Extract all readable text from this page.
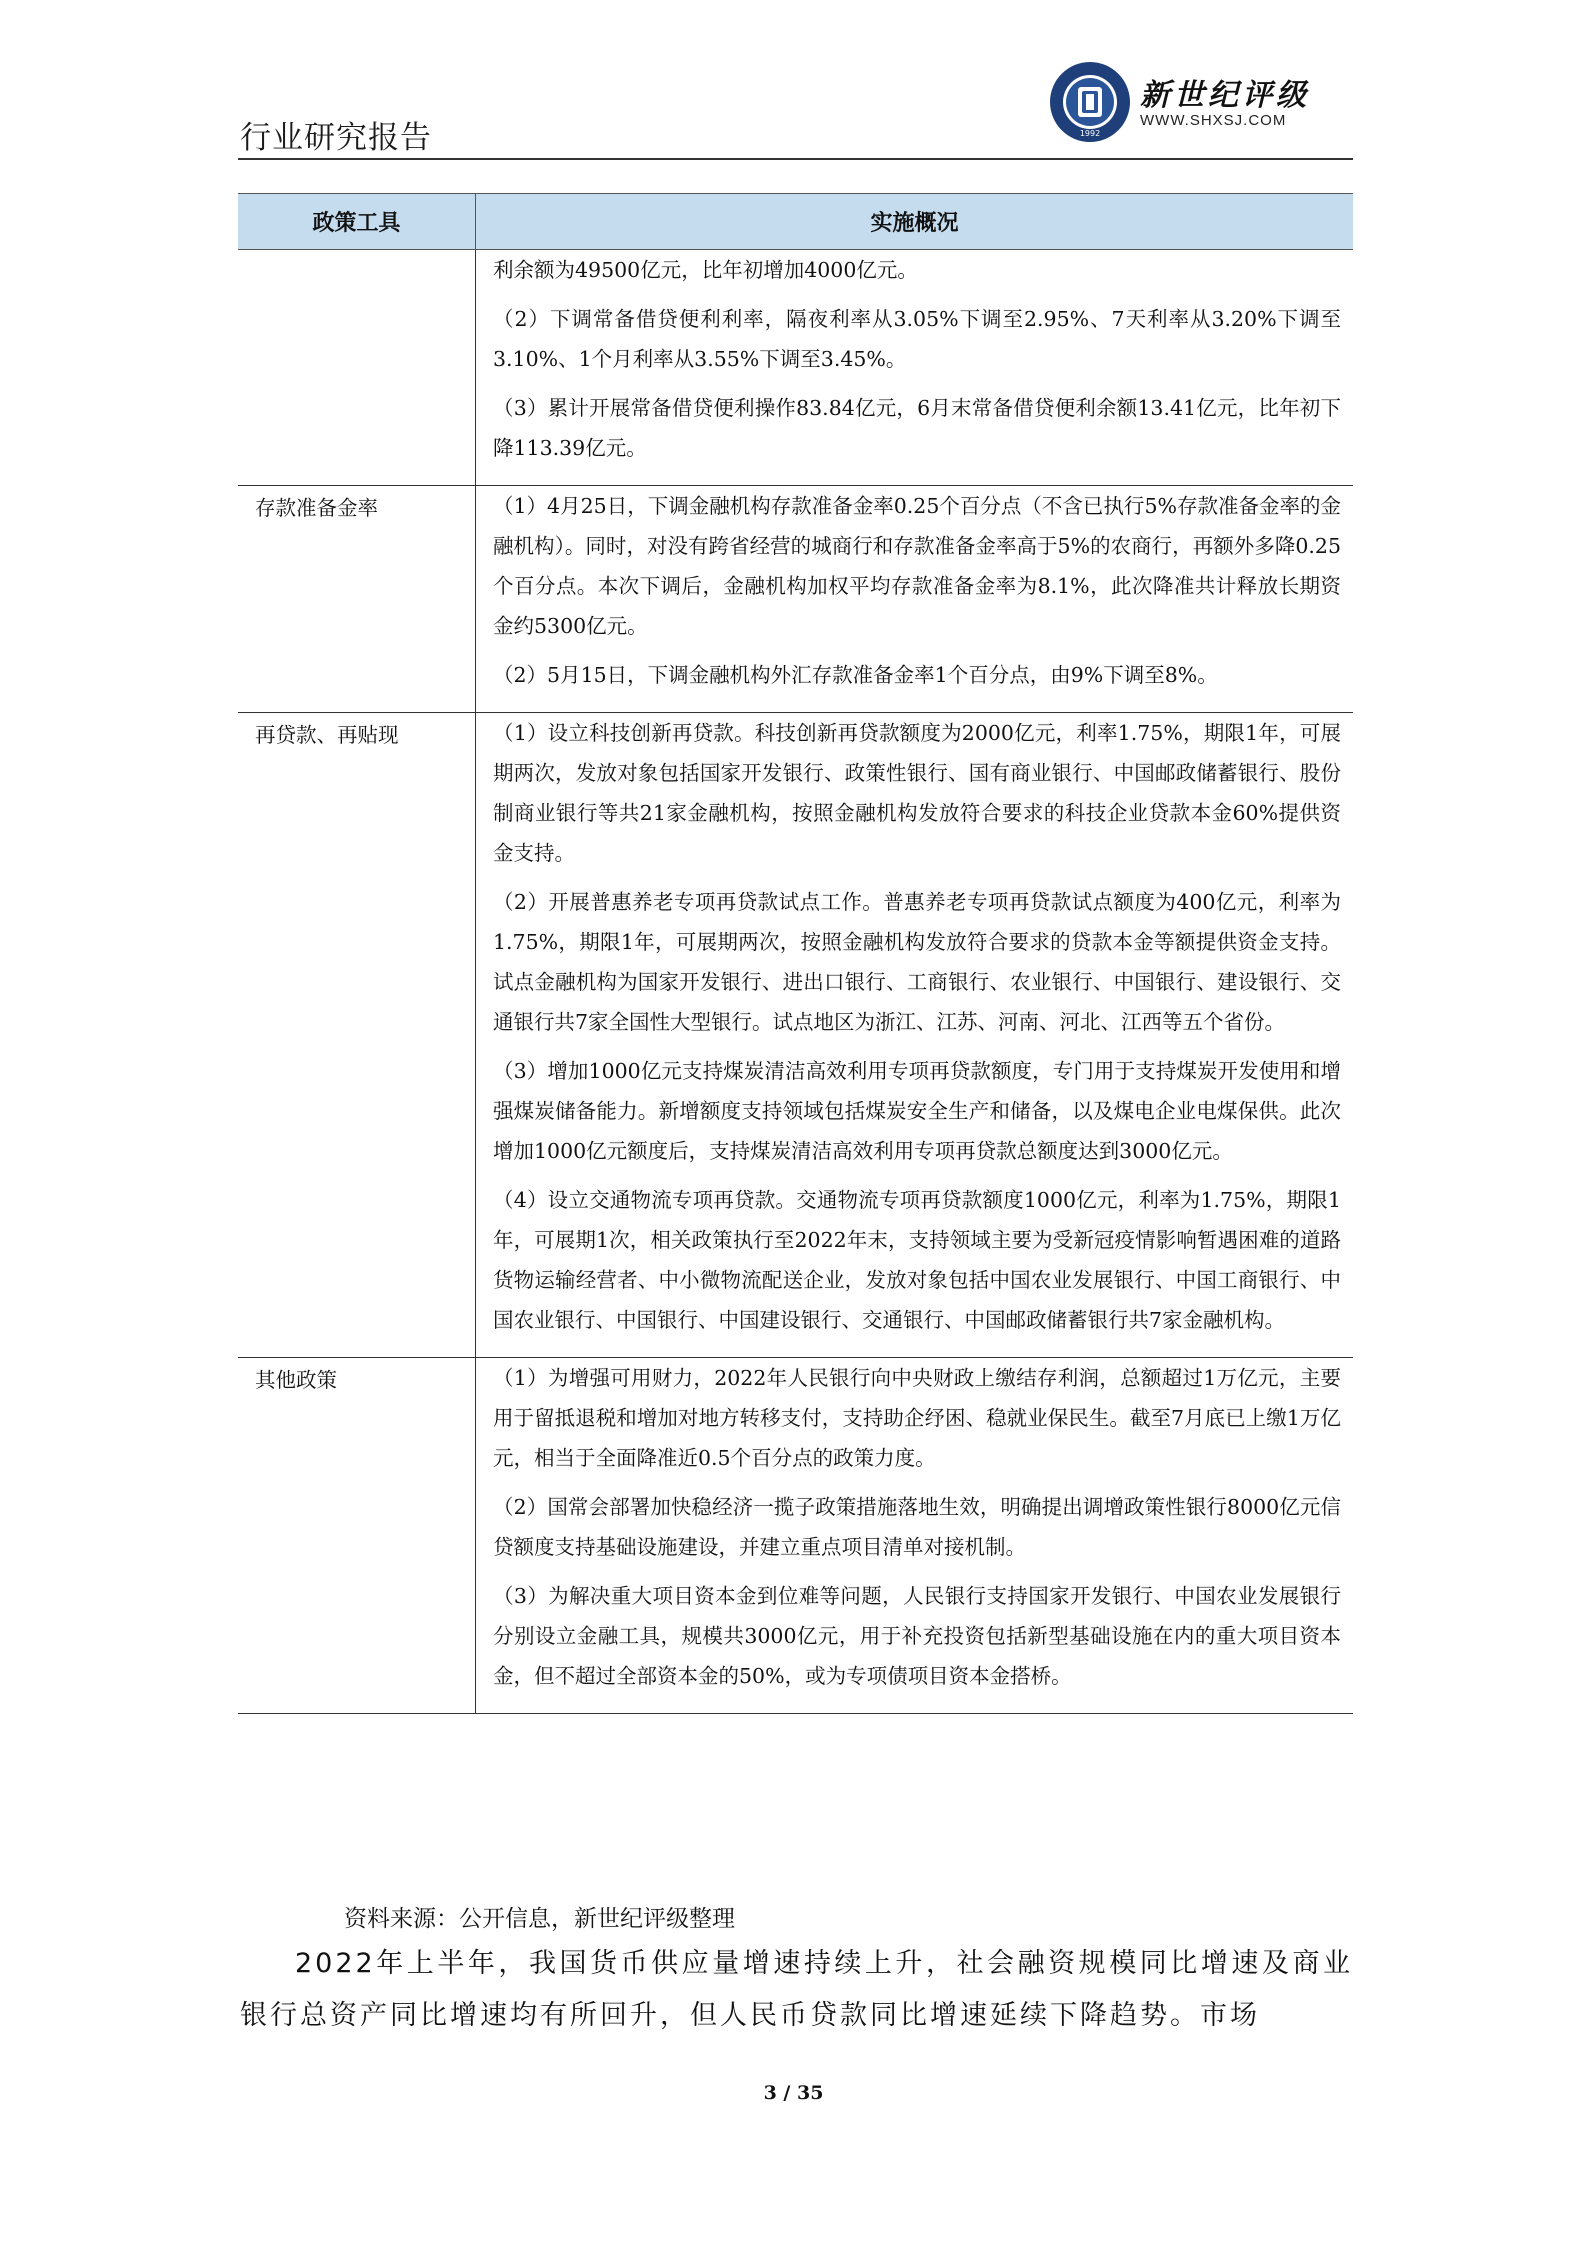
行业研究报告	1992
新世纪评级
WWW.SHXSJ.COM
政策工具	实施概况

	利余额为49500亿元，比年初增加4000亿元。

（2）下调常备借贷便利利率，隔夜利率从3.05%下调至2.95%、7天利率从3.20%下调至3.10%、1个月利率从3.55%下调至3.45%。

（3）累计开展常备借贷便利操作83.84亿元，6月末常备借贷便利余额13.41亿元，比年初下降113.39亿元。

存款准备金率	（1）4月25日，下调金融机构存款准备金率0.25个百分点（不含已执行5%存款准备金率的金融机构）。同时，对没有跨省经营的城商行和存款准备金率高于5%的农商行，再额外多降0.25个百分点。本次下调后，金融机构加权平均存款准备金率为8.1%，此次降准共计释放长期资金约5300亿元。

（2）5月15日，下调金融机构外汇存款准备金率1个百分点，由9%下调至8%。

再贷款、再贴现	（1）设立科技创新再贷款。科技创新再贷款额度为2000亿元，利率1.75%，期限1年，可展期两次，发放对象包括国家开发银行、政策性银行、国有商业银行、中国邮政储蓄银行、股份制商业银行等共21家金融机构，按照金融机构发放符合要求的科技企业贷款本金60%提供资金支持。

（2）开展普惠养老专项再贷款试点工作。普惠养老专项再贷款试点额度为400亿元，利率为1.75%，期限1年，可展期两次，按照金融机构发放符合要求的贷款本金等额提供资金支持。试点金融机构为国家开发银行、进出口银行、工商银行、农业银行、中国银行、建设银行、交通银行共7家全国性大型银行。试点地区为浙江、江苏、河南、河北、江西等五个省份。

（3）增加1000亿元支持煤炭清洁高效利用专项再贷款额度，专门用于支持煤炭开发使用和增强煤炭储备能力。新增额度支持领域包括煤炭安全生产和储备，以及煤电企业电煤保供。此次增加1000亿元额度后，支持煤炭清洁高效利用专项再贷款总额度达到3000亿元。

（4）设立交通物流专项再贷款。交通物流专项再贷款额度1000亿元，利率为1.75%，期限1年，可展期1次，相关政策执行至2022年末，支持领域主要为受新冠疫情影响暂遇困难的道路货物运输经营者、中小微物流配送企业，发放对象包括中国农业发展银行、中国工商银行、中国农业银行、中国银行、中国建设银行、交通银行、中国邮政储蓄银行共7家金融机构。

其他政策	（1）为增强可用财力，2022年人民银行向中央财政上缴结存利润，总额超过1万亿元，主要用于留抵退税和增加对地方转移支付，支持助企纾困、稳就业保民生。截至7月底已上缴1万亿元，相当于全面降准近0.5个百分点的政策力度。

（2）国常会部署加快稳经济一揽子政策措施落地生效，明确提出调增政策性银行8000亿元信贷额度支持基础设施建设，并建立重点项目清单对接机制。

（3）为解决重大项目资本金到位难等问题，人民银行支持国家开发银行、中国农业发展银行分别设立金融工具，规模共3000亿元，用于补充投资包括新型基础设施在内的重大项目资本金，但不超过全部资本金的50%，或为专项债项目资本金搭桥。

资料来源：公开信息，新世纪评级整理
2022年上半年，我国货币供应量增速持续上升，社会融资规模同比增速及商业银行总资产同比增速均有所回升，但人民币贷款同比增速延续下降趋势。市场
3 / 35
